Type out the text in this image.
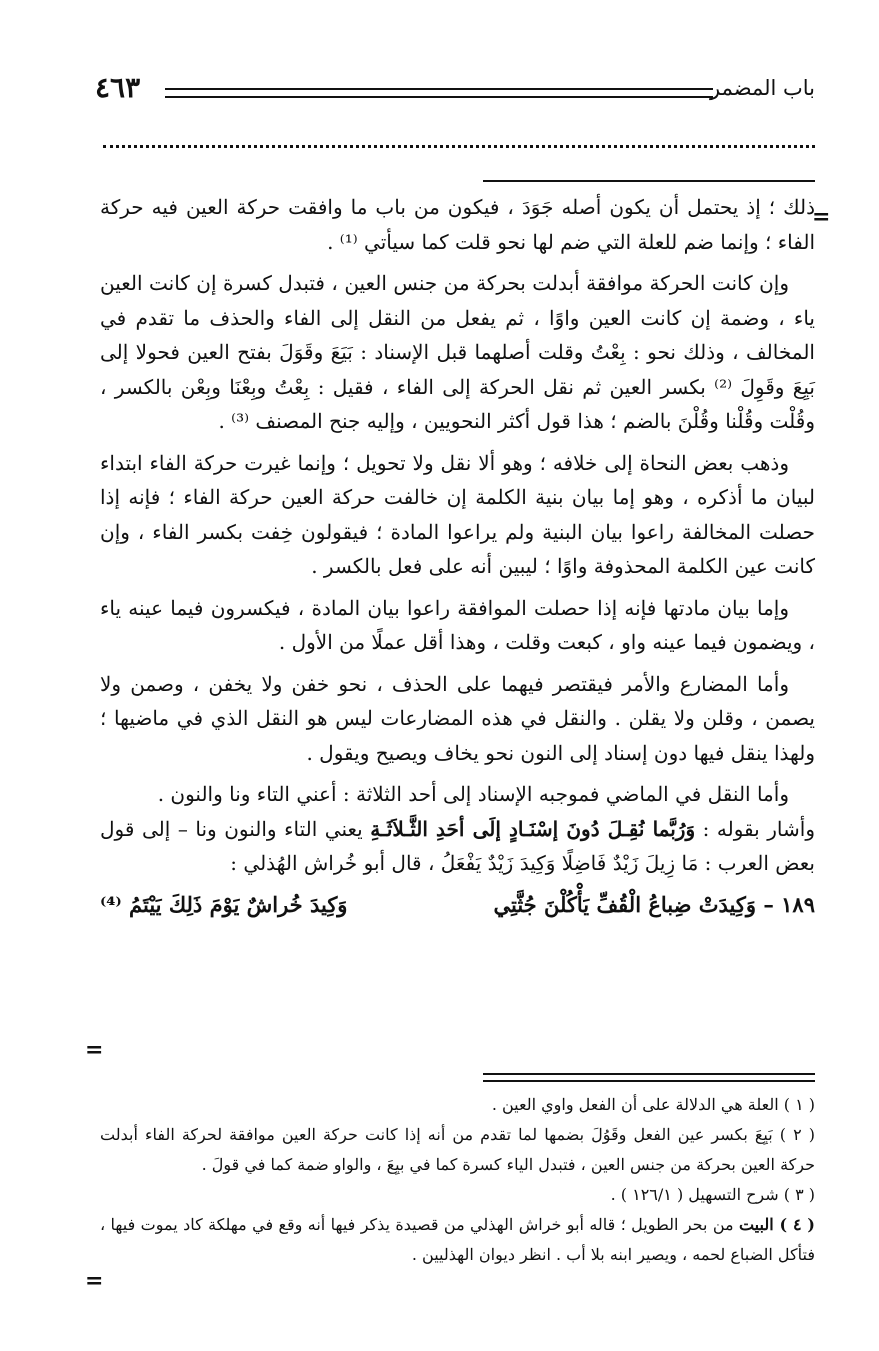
٤٦٣	باب المضمر
=

ذلك ؛ إذ يحتمل أن يكون أصله جَوَدَ ، فيكون من باب ما وافقت حركة العين فيه حركة الفاء ؛ وإنما ضم للعلة التي ضم لها نحو قلت كما سيأتي ⁽¹⁾ .

وإن كانت الحركة موافقة أبدلت بحركة من جنس العين ، فتبدل كسرة إن كانت العين ياء ، وضمة إن كانت العين واوًا ، ثم يفعل من النقل إلى الفاء والحذف ما تقدم في المخالف ، وذلك نحو : بِعْتُ وقلت أصلهما قبل الإسناد : بَيَعَ وقَوَلَ بفتح العين فحولا إلى بَيِعَ وقَوِلَ ⁽²⁾ بكسر العين ثم نقل الحركة إلى الفاء ، فقيل : بِعْتُ وبِعْنَا وبِعْن بالكسر ، وقُلْت وقُلْنا وقُلْنَ بالضم ؛ هذا قول أكثر النحويين ، وإليه جنح المصنف ⁽³⁾ .

وذهب بعض النحاة إلى خلافه ؛ وهو ألا نقل ولا تحويل ؛ وإنما غيرت حركة الفاء ابتداء لبيان ما أذكره ، وهو إما بيان بنية الكلمة إن خالفت حركة العين حركة الفاء ؛ فإنه إذا حصلت المخالفة راعوا بيان البنية ولم يراعوا المادة ؛ فيقولون خِفت بكسر الفاء ، وإن كانت عين الكلمة المحذوفة واوًا ؛ ليبين أنه على فعل بالكسر .

وإما بيان مادتها فإنه إذا حصلت الموافقة راعوا بيان المادة ، فيكسرون فيما عينه ياء ، ويضمون فيما عينه واو ، كبعت وقلت ، وهذا أقل عملًا من الأول .

وأما المضارع والأمر فيقتصر فيهما على الحذف ، نحو خفن ولا يخفن ، وصمن ولا يصمن ، وقلن ولا يقلن . والنقل في هذه المضارعات ليس هو النقل الذي في ماضيها ؛ ولهذا ينقل فيها دون إسناد إلى النون نحو يخاف ويصيح ويقول .

وأما النقل في الماضي فموجبه الإسناد إلى أحد الثلاثة : أعني التاء ونا والنون .
وأشار بقوله : وَرُبَّما نُقِـلَ دُونَ إسْنَـادٍ إلَى أحَدِ الثَّـلاَثَـةِ يعني التاء والنون ونا – إلى قول بعض العرب : مَا زِيلَ زَيْدٌ فَاضِلًا وَكِيدَ زَيْدٌ يَفْعَلُ ، قال أبو خُراش الهُذلي :

١٨٩ – وَكِيدَتْ ضِباعُ الْقُفِّ يَأْكُلْنَ جُثَّتِي
وَكِيدَ خُراشٌ يَوْمَ ذَلِكَ يَيْتَمُ ⁽⁴⁾
=

( ١ ) العلة هي الدلالة على أن الفعل واوي العين .

( ٢ ) بَيِعَ بكسر عين الفعل وقَوُلَ بضمها لما تقدم من أنه إذا كانت حركة العين موافقة لحركة الفاء أبدلت حركة العين بحركة من جنس العين ، فتبدل الياء كسرة كما في بيِعَ ، والواو ضمة كما في قولَ .

( ٣ ) شرح التسهيل ( ١٢٦/١ ) .

( ٤ ) البيت من بحر الطويل ؛ قاله أبو خراش الهذلي من قصيدة يذكر فيها أنه وقع في مهلكة كاد يموت فيها ، فتأكل الضباع لحمه ، ويصير ابنه بلا أب . انظر ديوان الهذليين .

=
